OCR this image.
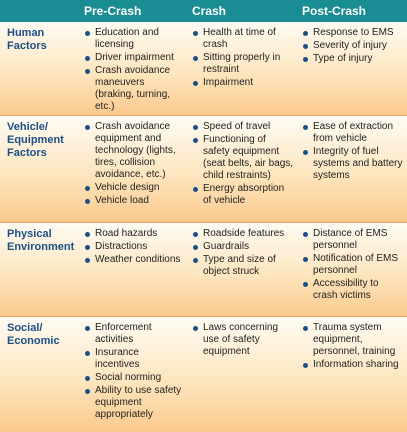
Pre-Crash	Crash	Post-Crash
Human
Factors
Education and licensing
Driver impairment
Crash avoidance maneuvers (braking, turning, etc.)
Health at time of crash
Sitting properly in restraint
Impairment
Response to EMS
Severity of injury
Type of injury
Vehicle/
Equipment
Factors
Crash avoidance equipment and technology (lights, tires, collision avoidance, etc.)
Vehicle design
Vehicle load
Speed of travel
Functioning of safety equipment (seat belts, air bags, child restraints)
Energy absorption of vehicle
Ease of extraction from vehicle
Integrity of fuel systems and battery systems
Physical
Environment
Road hazards
Distractions
Weather conditions
Roadside features
Guardrails
Type and size of object struck
Distance of EMS personnel
Notification of EMS personnel
Accessibility to crash victims
Social/
Economic
Enforcement activities
Insurance incentives
Social norming
Ability to use safety equipment appropriately
Laws concerning use of safety equipment
Trauma system equipment, personnel, training
Information sharing
